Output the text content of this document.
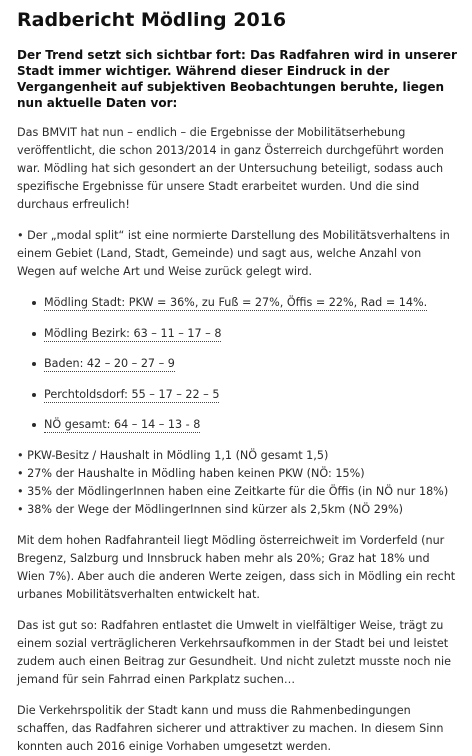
Radbericht Mödling 2016
Der Trend setzt sich sichtbar fort: Das Radfahren wird in unserer Stadt immer wichtiger. Während dieser Eindruck in der Vergangenheit auf subjektiven Beobachtungen beruhte, liegen nun aktuelle Daten vor:

Das BMVIT hat nun – endlich – die Ergebnisse der Mobilitätserhebung veröffentlicht, die schon 2013/2014 in ganz Österreich durchgeführt worden war. Mödling hat sich gesondert an der Untersuchung beteiligt, sodass auch spezifische Ergebnisse für unsere Stadt erarbeitet wurden. Und die sind durchaus erfreulich!

• Der „modal split“ ist eine normierte Darstellung des Mobilitätsverhaltens in einem Gebiet (Land, Stadt, Gemeinde) und sagt aus, welche Anzahl von Wegen auf welche Art und Weise zurück gelegt wird.

Mödling Stadt: PKW = 36%, zu Fuß = 27%, Öffis = 22%, Rad = 14%.
Mödling Bezirk: 63 – 11 – 17 – 8
Baden: 42 – 20 – 27 – 9
Perchtoldsdorf: 55 – 17 – 22 – 5
NÖ gesamt: 64 – 14 – 13 - 8
• PKW-Besitz / Haushalt in Mödling 1,1 (NÖ gesamt 1,5)
• 27% der Haushalte in Mödling haben keinen PKW (NÖ: 15%)
• 35% der MödlingerInnen haben eine Zeitkarte für die Öffis (in NÖ nur 18%)
• 38% der Wege der MödlingerInnen sind kürzer als 2,5km (NÖ 29%)

Mit dem hohen Radfahranteil liegt Mödling österreichweit im Vorderfeld (nur Bregenz, Salzburg und Innsbruck haben mehr als 20%; Graz hat 18% und Wien 7%). Aber auch die anderen Werte zeigen, dass sich in Mödling ein recht urbanes Mobilitätsverhalten entwickelt hat.

Das ist gut so: Radfahren entlastet die Umwelt in vielfältiger Weise, trägt zu einem sozial verträglicheren Verkehrsaufkommen in der Stadt bei und leistet zudem auch einen Beitrag zur Gesundheit. Und nicht zuletzt musste noch nie jemand für sein Fahrrad einen Parkplatz suchen…

Die Verkehrspolitik der Stadt kann und muss die Rahmenbedingungen schaffen, das Radfahren sicherer und attraktiver zu machen. In diesem Sinn konnten auch 2016 einige Vorhaben umgesetzt werden.
